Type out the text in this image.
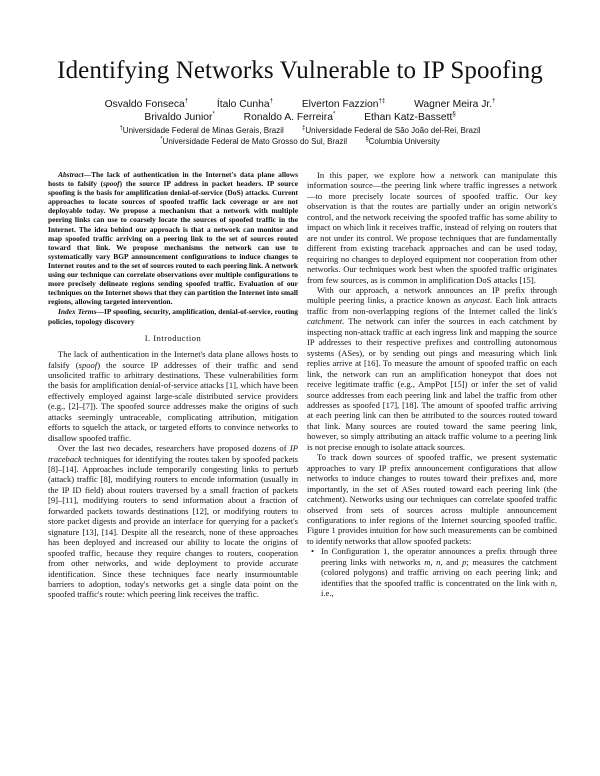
Identifying Networks Vulnerable to IP Spoofing
Osvaldo Fonseca†	Ítalo Cunha†	Elverton Fazzion†‡	Wagner Meira Jr.†
Brivaldo Junior*	Ronaldo A. Ferreira*	Ethan Katz-Bassett§
†Universidade Federal de Minas Gerais, Brazil	‡Universidade Federal de São João del-Rei, Brazil
*Universidade Federal de Mato Grosso do Sul, Brazil	§Columbia University

Abstract—The lack of authentication in the Internet's data plane allows hosts to falsify (spoof) the source IP address in packet headers. IP source spoofing is the basis for amplification denial-of-service (DoS) attacks. Current approaches to locate sources of spoofed traffic lack coverage or are not deployable today. We propose a mechanism that a network with multiple peering links can use to coarsely locate the sources of spoofed traffic in the Internet. The idea behind our approach is that a network can monitor and map spoofed traffic arriving on a peering link to the set of sources routed toward that link. We propose mechanisms the network can use to systematically vary BGP announcement configurations to induce changes to Internet routes and to the set of sources routed to each peering link. A network using our technique can correlate observations over multiple configurations to more precisely delineate regions sending spoofed traffic. Evaluation of our techniques on the Internet shows that they can partition the Internet into small regions, allowing targeted intervention.

Index Terms—IP spoofing, security, amplification, denial-of-service, routing policies, topology discovery

I. Introduction

The lack of authentication in the Internet's data plane allows hosts to falsify (spoof) the source IP addresses of their traffic and send unsolicited traffic to arbitrary destinations. These vulnerabilities form the basis for amplification denial-of-service attacks [1], which have been effectively employed against large-scale distributed service providers (e.g., [2]–[7]). The spoofed source addresses make the origins of such attacks seemingly untraceable, complicating attribution, mitigation efforts to squelch the attack, or targeted efforts to convince networks to disallow spoofed traffic.

Over the last two decades, researchers have proposed dozens of IP traceback techniques for identifying the routes taken by spoofed packets [8]–[14]. Approaches include temporarily congesting links to perturb (attack) traffic [8], modifying routers to encode information (usually in the IP ID field) about routers traversed by a small fraction of packets [9]–[11], modifying routers to send information about a fraction of forwarded packets towards destinations [12], or modifying routers to store packet digests and provide an interface for querying for a packet's signature [13], [14]. Despite all the research, none of these approaches has been deployed and increased our ability to locate the origins of spoofed traffic, because they require changes to routers, cooperation from other networks, and wide deployment to provide accurate identification. Since these techniques face nearly insurmountable barriers to adoption, today's networks get a single data point on the spoofed traffic's route: which peering link receives the traffic.

In this paper, we explore how a network can manipulate this information source—the peering link where traffic ingresses a network—to more precisely locate sources of spoofed traffic. Our key observation is that the routes are partially under an origin network's control, and the network receiving the spoofed traffic has some ability to impact on which link it receives traffic, instead of relying on routers that are not under its control. We propose techniques that are fundamentally different from existing traceback approaches and can be used today, requiring no changes to deployed equipment nor cooperation from other networks. Our techniques work best when the spoofed traffic originates from few sources, as is common in amplification DoS attacks [15].

With our approach, a network announces an IP prefix through multiple peering links, a practice known as anycast. Each link attracts traffic from non-overlapping regions of the Internet called the link's catchment. The network can infer the sources in each catchment by inspecting non-attack traffic at each ingress link and mapping the source IP addresses to their respective prefixes and controlling autonomous systems (ASes), or by sending out pings and measuring which link replies arrive at [16]. To measure the amount of spoofed traffic on each link, the network can run an amplification honeypot that does not receive legitimate traffic (e.g., AmpPot [15]) or infer the set of valid source addresses from each peering link and label the traffic from other addresses as spoofed [17], [18]. The amount of spoofed traffic arriving at each peering link can then be attributed to the sources routed toward that link. Many sources are routed toward the same peering link, however, so simply attributing an attack traffic volume to a peering link is not precise enough to isolate attack sources.

To track down sources of spoofed traffic, we present systematic approaches to vary IP prefix announcement configurations that allow networks to induce changes to routes toward their prefixes and, more importantly, in the set of ASes routed toward each peering link (the catchment). Networks using our techniques can correlate spoofed traffic observed from sets of sources across multiple announcement configurations to infer regions of the Internet sourcing spoofed traffic. Figure 1 provides intuition for how such measurements can be combined to identify networks that allow spoofed packets:

• In Configuration 1, the operator announces a prefix through three peering links with networks m, n, and p; measures the catchment (colored polygons) and traffic arriving on each peering link; and identifies that the spoofed traffic is concentrated on the link with n, i.e.,
